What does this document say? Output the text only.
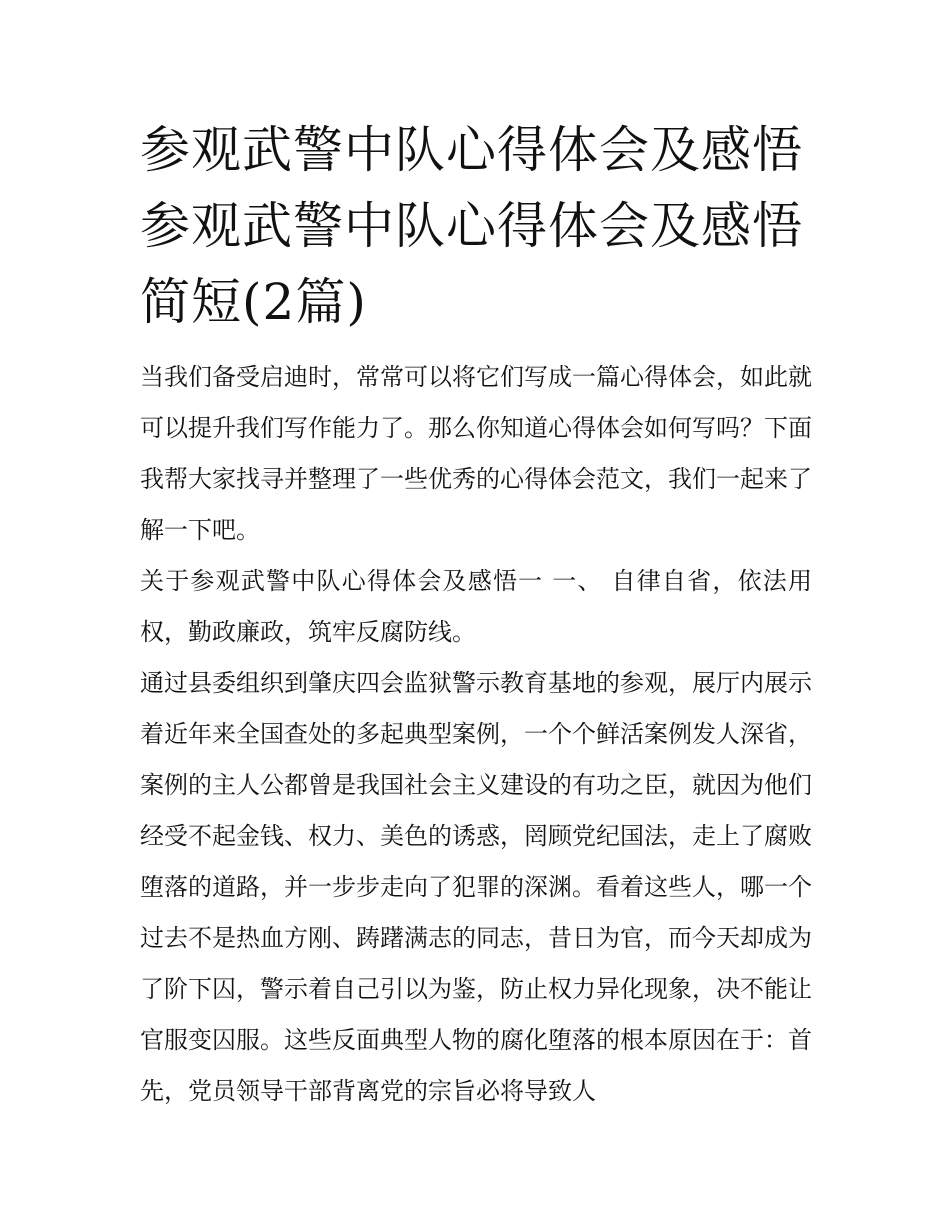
参观武警中队心得体会及感悟
参观武警中队心得体会及感悟
简短(2篇)

当我们备受启迪时，常常可以将它们写成一篇心得体会，如此就可以提升我们写作能力了。那么你知道心得体会如何写吗？下面我帮大家找寻并整理了一些优秀的心得体会范文，我们一起来了解一下吧。

关于参观武警中队心得体会及感悟一 一、 自律自省，依法用权，勤政廉政，筑牢反腐防线。

通过县委组织到肇庆四会监狱警示教育基地的参观，展厅内展示着近年来全国查处的多起典型案例，一个个鲜活案例发人深省，案例的主人公都曾是我国社会主义建设的有功之臣，就因为他们经受不起金钱、权力、美色的诱惑，罔顾党纪国法，走上了腐败堕落的道路，并一步步走向了犯罪的深渊。看着这些人，哪一个过去不是热血方刚、踌躇满志的同志，昔日为官，而今天却成为了阶下囚，警示着自己引以为鉴，防止权力异化现象，决不能让官服变囚服。这些反面典型人物的腐化堕落的根本原因在于：首先，党员领导干部背离党的宗旨必将导致人
